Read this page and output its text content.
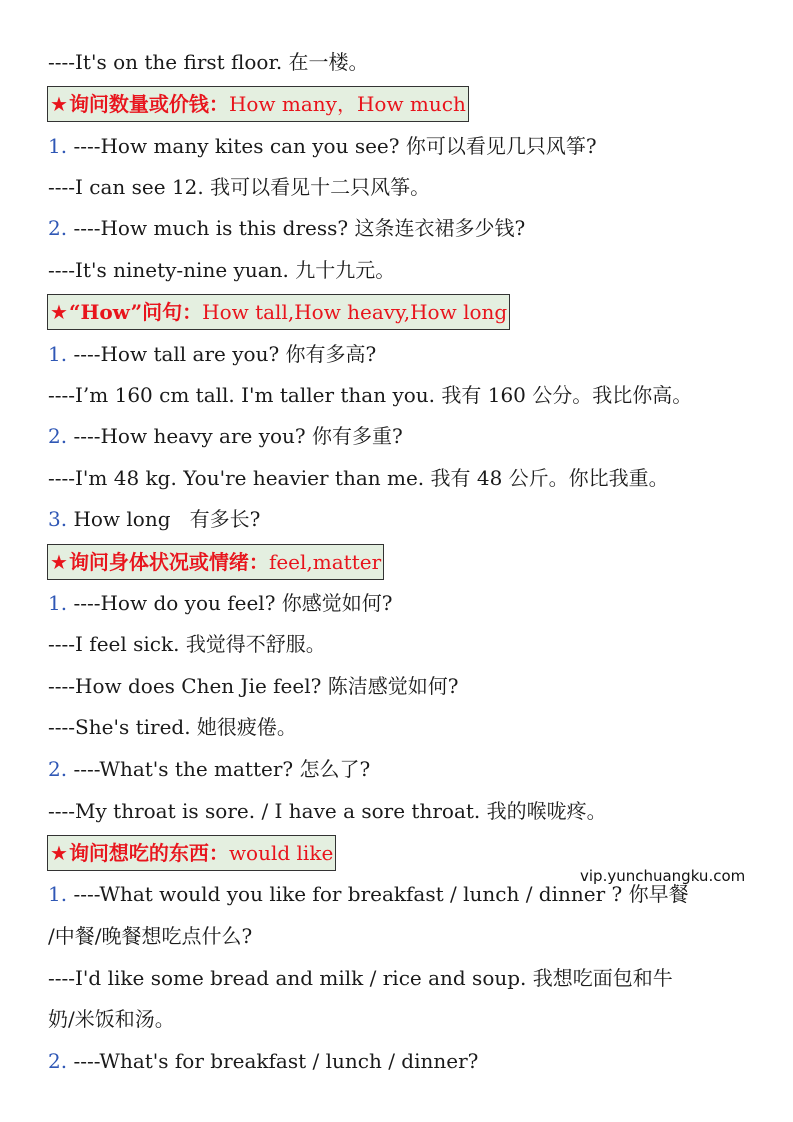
----It's on the first floor. 在一楼。
★询问数量或价钱：How many，How much
1. ----How many kites can you see? 你可以看见几只风筝?
----I can see 12. 我可以看见十二只风筝。
2. ----How much is this dress? 这条连衣裙多少钱?
----It's ninety-nine yuan. 九十九元。
★“How”问句：How tall,How heavy,How long
1. ----How tall are you? 你有多高?
----I’m 160 cm tall. I'm taller than you. 我有 160 公分。我比你高。
2. ----How heavy are you? 你有多重?
----I'm 48 kg. You're heavier than me. 我有 48 公斤。你比我重。
3. How long   有多长?
★询问身体状况或情绪：feel,matter
1. ----How do you feel? 你感觉如何?
----I feel sick. 我觉得不舒服。
----How does Chen Jie feel? 陈洁感觉如何?
----She's tired. 她很疲倦。
2. ----What's the matter? 怎么了?
----My throat is sore. / I have a sore throat. 我的喉咙疼。
★询问想吃的东西：would like
1. ----What would you like for breakfast / lunch / dinner ? 你早餐
/中餐/晚餐想吃点什么?
----I'd like some bread and milk / rice and soup. 我想吃面包和牛
奶/米饭和汤。
2. ----What's for breakfast / lunch / dinner?
vip.yunchuangku.com
